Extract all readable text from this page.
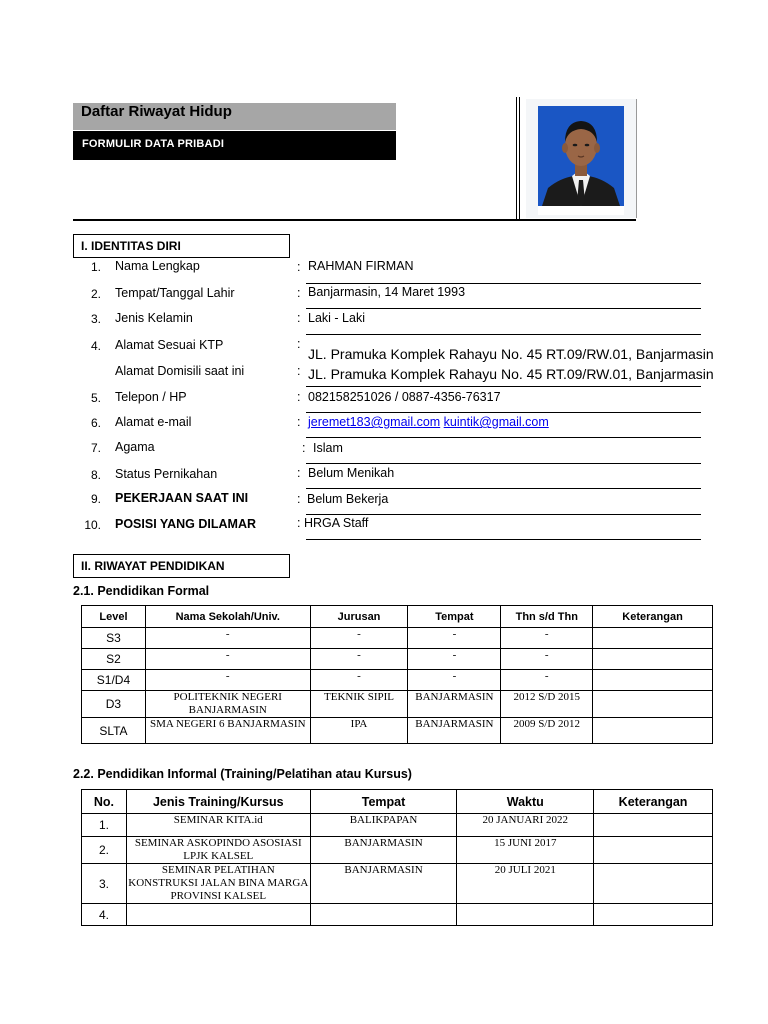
Daftar Riwayat Hidup
FORMULIR DATA PRIBADI
I. IDENTITAS DIRI
1. Nama Lengkap	: RAHMAN FIRMAN
2. Tempat/Tanggal Lahir	: Banjarmasin, 14 Maret 1993
3. Jenis Kelamin	: Laki - Laki
4. Alamat Sesuai KTP	:
JL. Pramuka Komplek Rahayu No. 45 RT.09/RW.01, Banjarmasin
Alamat Domisili saat ini	: JL. Pramuka Komplek Rahayu No. 45 RT.09/RW.01, Banjarmasin
5. Telepon / HP	: 082158251026 / 0887-4356-76317
6. Alamat e-mail	: jeremet183@gmail.com kuintik@gmail.com
7. Agama	: Islam
8. Status Pernikahan	: Belum Menikah
9. PEKERJAAN SAAT INI	: Belum Bekerja
10. POSISI YANG DILAMAR	: HRGA Staff
II. RIWAYAT PENDIDIKAN
2.1. Pendidikan Formal
Level	Nama Sekolah/Univ.	Jurusan	Tempat	Thn s/d Thn	Keterangan
S3	-	-	-	-	
S2	-	-	-	-	
S1/D4	-	-	-	-	
D3	POLITEKNIK NEGERI BANJARMASIN	TEKNIK SIPIL	BANJARMASIN	2012 S/D 2015	
SLTA	SMA NEGERI 6 BANJARMASIN	IPA	BANJARMASIN	2009 S/D 2012	
2.2. Pendidikan Informal (Training/Pelatihan atau Kursus)
No.	Jenis Training/Kursus	Tempat	Waktu	Keterangan
1.	SEMINAR KITA.id	BALIKPAPAN	20 JANUARI 2022	
2.	SEMINAR ASKOPINDO ASOSIASI LPJK KALSEL	BANJARMASIN	15 JUNI 2017	
3.	SEMINAR PELATIHAN KONSTRUKSI JALAN BINA MARGA PROVINSI KALSEL	BANJARMASIN	20 JULI 2021	
4.				
